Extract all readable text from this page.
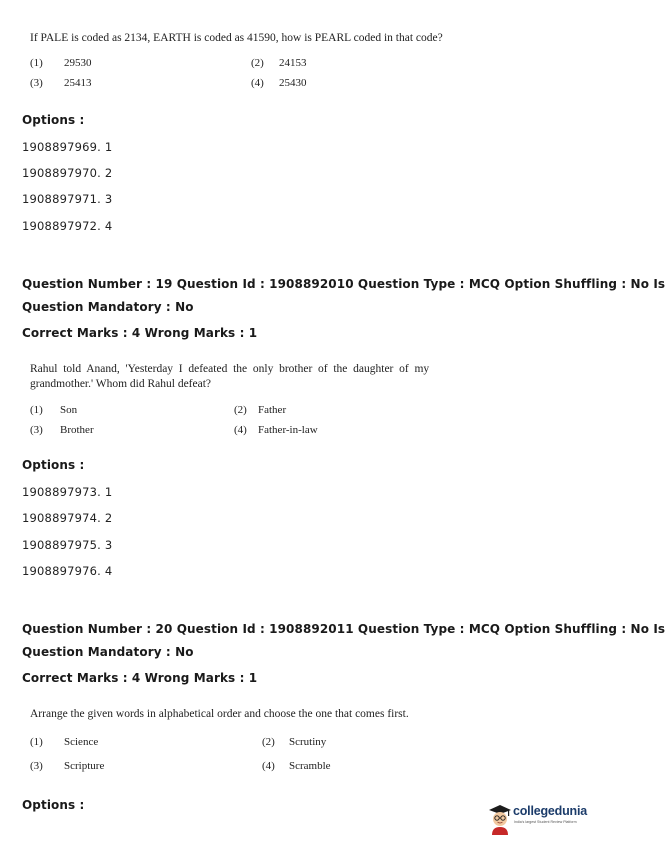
If PALE is coded as 2134, EARTH is coded as 41590, how is PEARL coded in that code?
(1) 29530	(2) 24153
(3) 25413	(4) 25430
Options :
1908897969. 1
1908897970. 2
1908897971. 3
1908897972. 4
Question Number : 19 Question Id : 1908892010 Question Type : MCQ Option Shuffling : No Is
Question Mandatory : No
Correct Marks : 4 Wrong Marks : 1
Rahul  told  Anand,  'Yesterday  I  defeated  the  only  brother  of  the  daughter  of  my
grandmother.' Whom did Rahul defeat?
(1) Son	(2) Father
(3) Brother	(4) Father-in-law
Options :
1908897973. 1
1908897974. 2
1908897975. 3
1908897976. 4
Question Number : 20 Question Id : 1908892011 Question Type : MCQ Option Shuffling : No Is
Question Mandatory : No
Correct Marks : 4 Wrong Marks : 1
Arrange the given words in alphabetical order and choose the one that comes first.
(1) Science	(2) Scrutiny
(3) Scripture	(4) Scramble
Options :	collegedunia
India's largest Student Review Platform
